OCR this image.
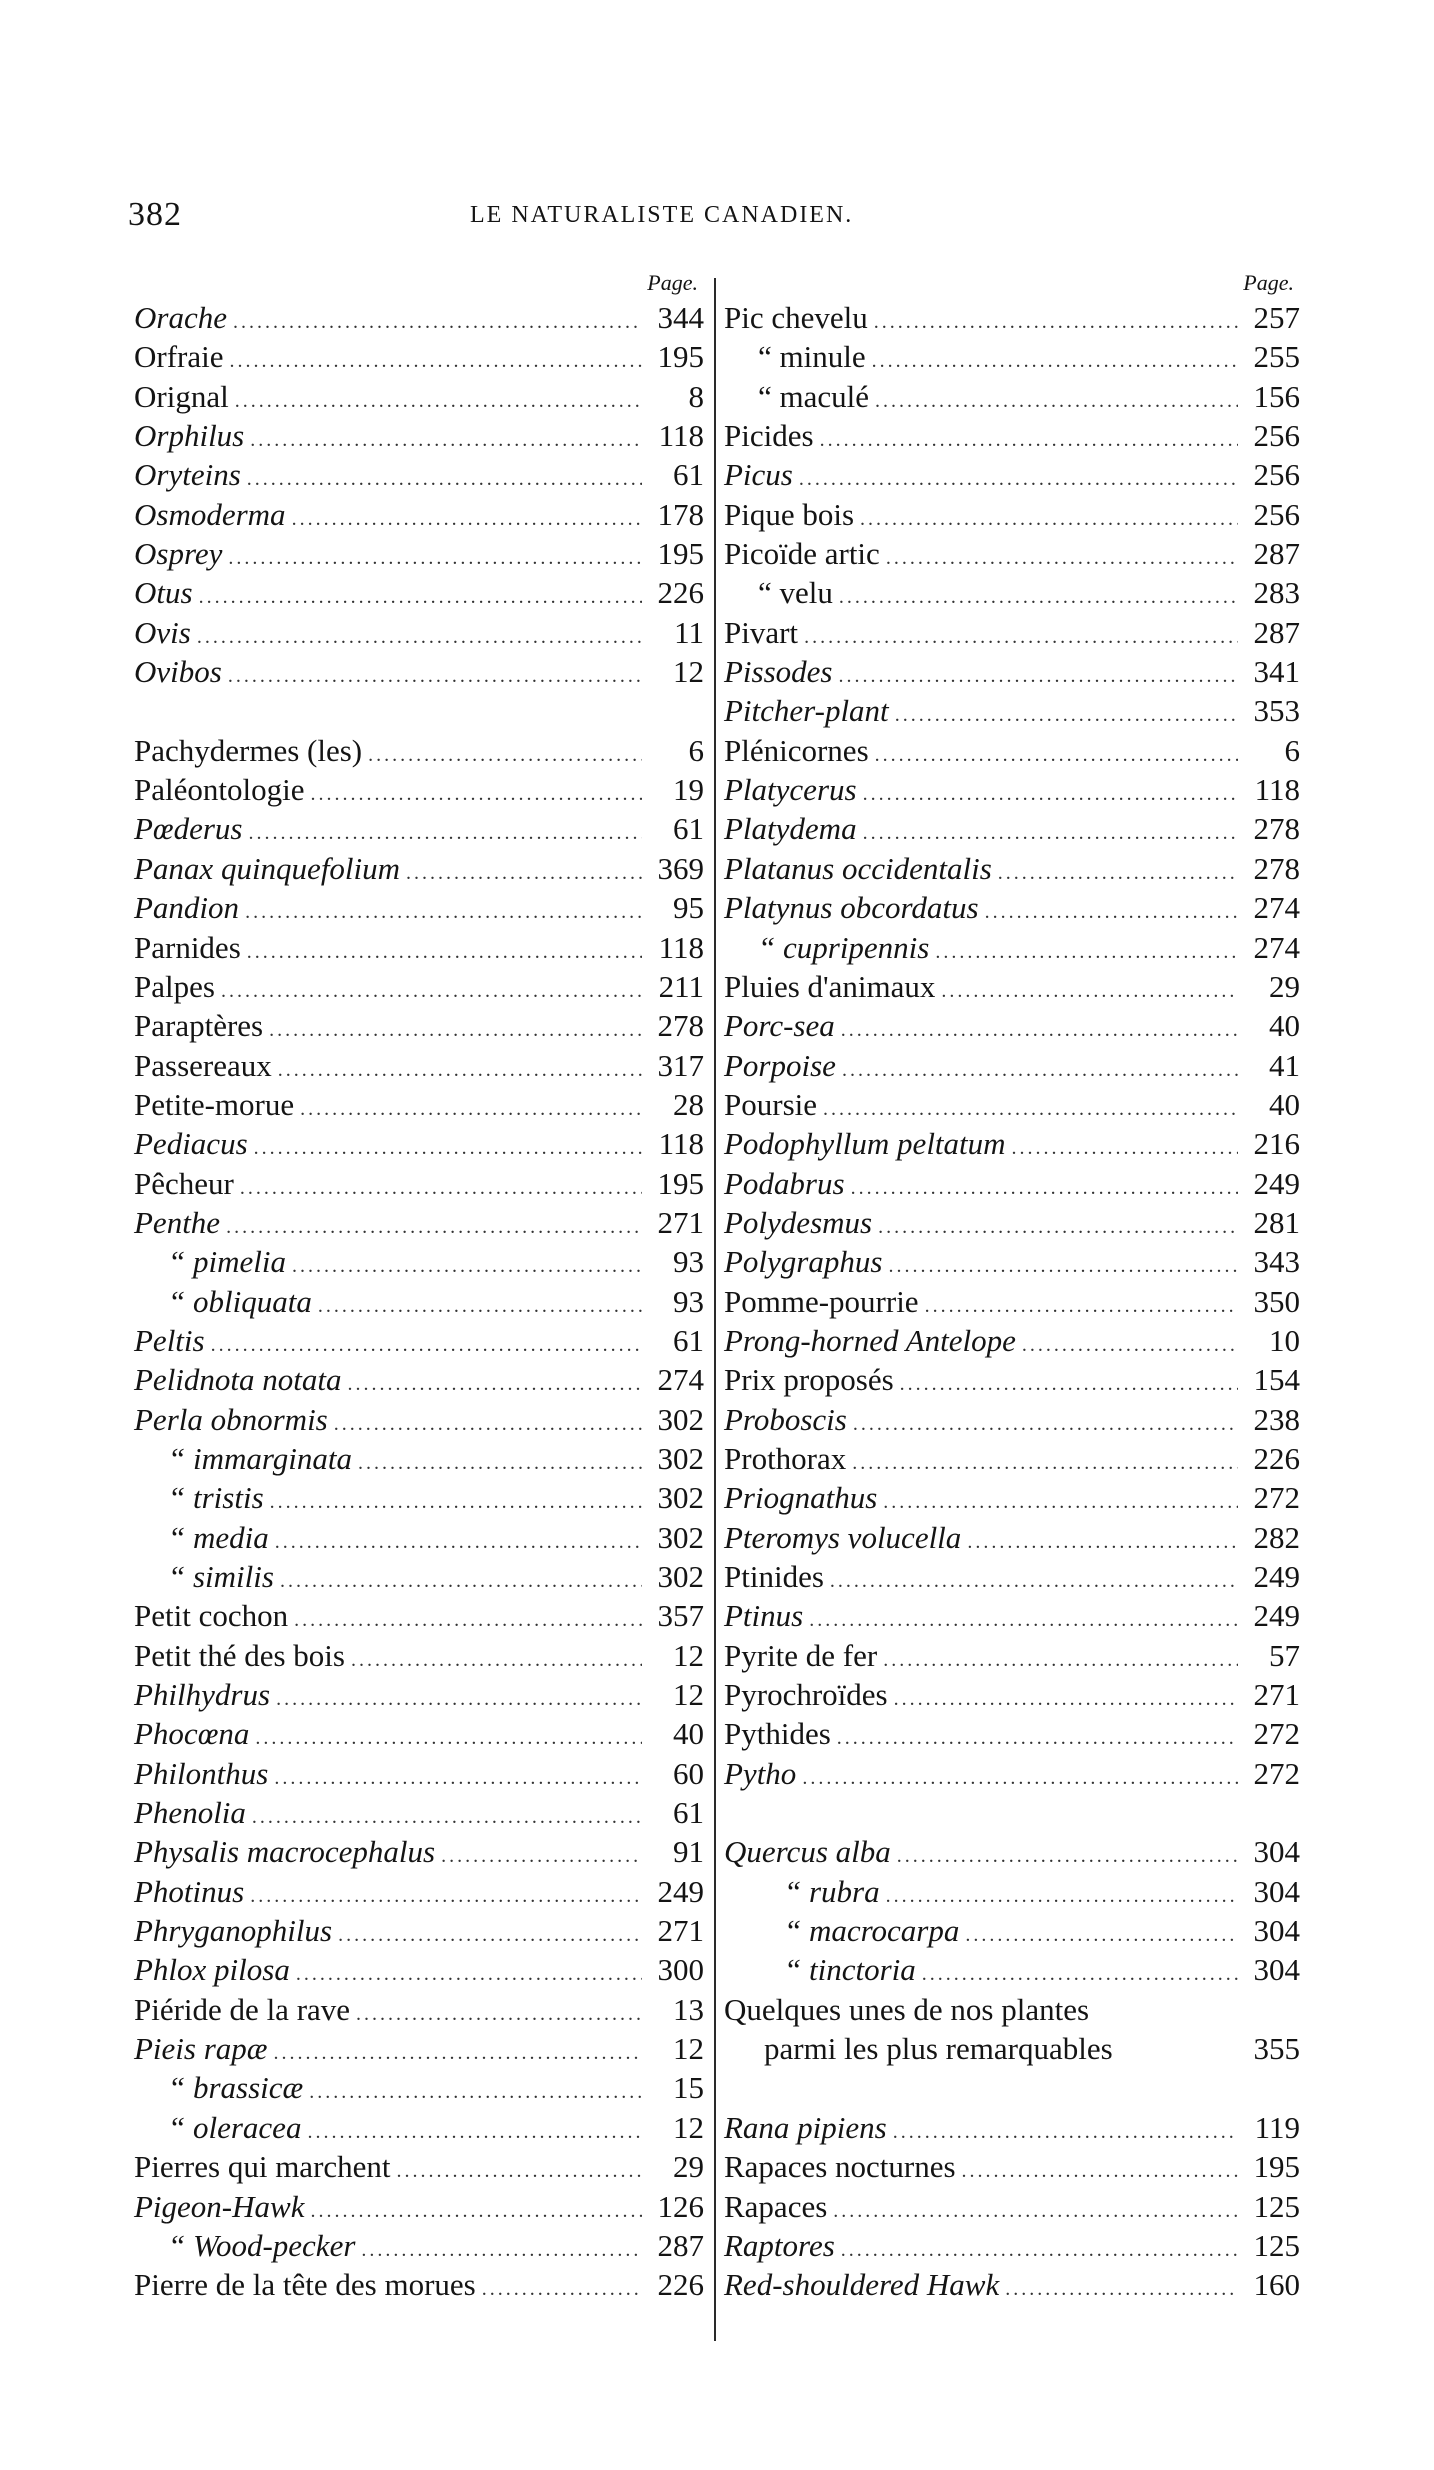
382	LE NATURALISTE CANADIEN.
Page.
Orache .....	344
Orfraie .....	195
Orignal .....	8
Orphilus .....	118
Oryteins .....	61
Osmoderma .....	178
Osprey .....	195
Otus .....	226
Ovis .....	11
Ovibos .....	12
Pachydermes (les) .....	6
Paléontologie .....	19
Pœderus .....	61
Panax quinquefolium .....	369
Pandion .....	95
Parnides .....	118
Palpes .....	211
Paraptères .....	278
Passereaux .....	317
Petite-morue .....	28
Pediacus .....	118
Pêcheur .....	195
Penthe .....	271
“ pimelia .....	93
“ obliquata .....	93
Peltis .....	61
Pelidnota notata .....	274
Perla obnormis .....	302
“ immarginata .....	302
“ tristis .....	302
“ media .....	302
“ similis .....	302
Petit cochon .....	357
Petit thé des bois .....	12
Philhydrus .....	12
Phocœna .....	40
Philonthus .....	60
Phenolia .....	61
Physalis macrocephalus .....	91
Photinus .....	249
Phryganophilus .....	271
Phlox pilosa .....	300
Piéride de la rave .....	13
Pieis rapæ .....	12
“ brassicæ .....	15
“ oleracea .....	12
Pierres qui marchent .....	29
Pigeon-Hawk .....	126
“ Wood-pecker .....	287
Pierre de la tête des morues .....	226
Page.
Pic chevelu .....	257
“ minule .....	255
“ maculé .....	156
Picides .....	256
Picus .....	256
Pique bois .....	256
Picoïde artic .....	287
“ velu .....	283
Pivart .....	287
Pissodes .....	341
Pitcher-plant .....	353
Plénicornes .....	6
Platycerus .....	118
Platydema .....	278
Platanus occidentalis .....	278
Platynus obcordatus .....	274
“ cupripennis .....	274
Pluies d'animaux .....	29
Porc-sea .....	40
Porpoise .....	41
Poursie .....	40
Podophyllum peltatum .....	216
Podabrus .....	249
Polydesmus .....	281
Polygraphus .....	343
Pomme-pourrie .....	350
Prong-horned Antelope .....	10
Prix proposés .....	154
Proboscis .....	238
Prothorax .....	226
Priognathus .....	272
Pteromys volucella .....	282
Ptinides .....	249
Ptinus .....	249
Pyrite de fer .....	57
Pyrochroïdes .....	271
Pythides .....	272
Pytho .....	272
Quercus alba .....	304
“ rubra .....	304
“ macrocarpa .....	304
“ tinctoria .....	304
Quelques unes de nos plantes
parmi les plus remarquables	355
Rana pipiens .....	119
Rapaces nocturnes .....	195
Rapaces .....	125
Raptores .....	125
Red-shouldered Hawk .....	160
